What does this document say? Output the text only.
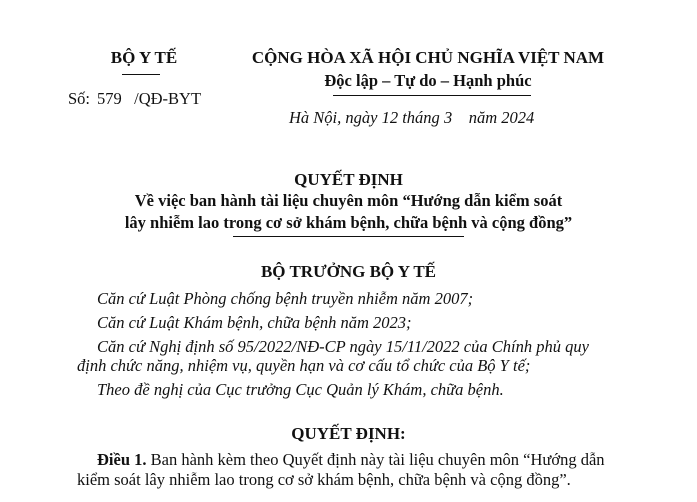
BỘ Y TẾ
Số: 579 /QĐ-BYT
CỘNG HÒA XÃ HỘI CHỦ NGHĨA VIỆT NAM
Độc lập – Tự do – Hạnh phúc
Hà Nội, ngày 12 tháng 3 năm 2024
QUYẾT ĐỊNH
Về việc ban hành tài liệu chuyên môn “Hướng dẫn kiểm soát
lây nhiễm lao trong cơ sở khám bệnh, chữa bệnh và cộng đồng”
BỘ TRƯỞNG BỘ Y TẾ
Căn cứ Luật Phòng chống bệnh truyền nhiễm năm 2007;
Căn cứ Luật Khám bệnh, chữa bệnh năm 2023;
Căn cứ Nghị định số 95/2022/NĐ-CP ngày 15/11/2022 của Chính phủ quy
định chức năng, nhiệm vụ, quyền hạn và cơ cấu tổ chức của Bộ Y tế;
Theo đề nghị của Cục trưởng Cục Quản lý Khám, chữa bệnh.
QUYẾT ĐỊNH:
Điều 1. Ban hành kèm theo Quyết định này tài liệu chuyên môn “Hướng dẫn
kiểm soát lây nhiễm lao trong cơ sở khám bệnh, chữa bệnh và cộng đồng”.
